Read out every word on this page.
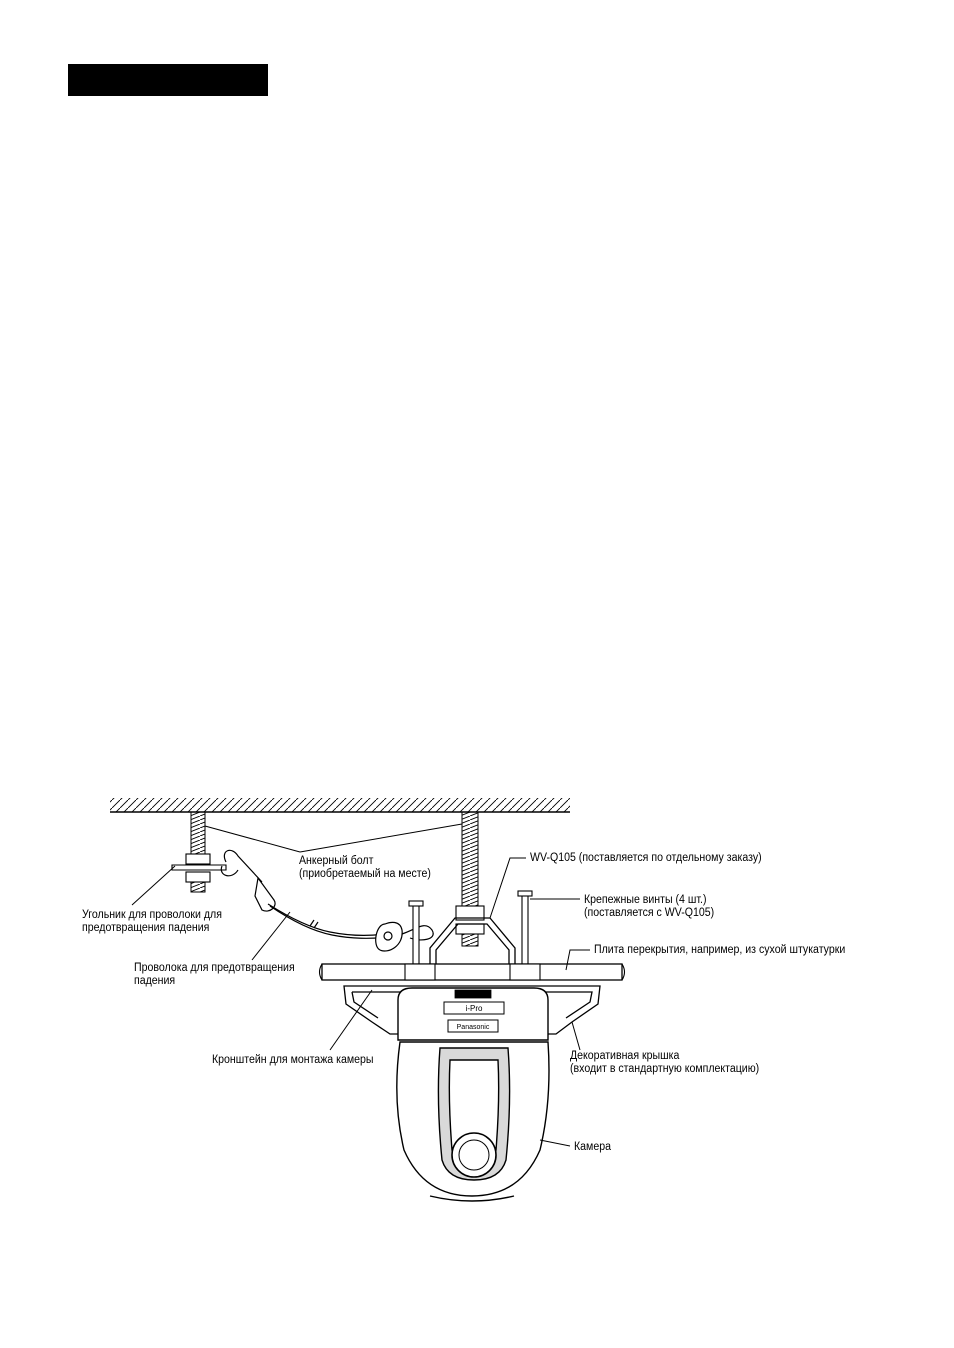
i-Pro
Panasonic
Анкерный болт
(приобретаемый на месте)
WV-Q105 (поставляется по отдельному заказу)
Крепежные винты (4 шт.)
(поставляется с WV-Q105)
Плита перекрытия, например, из сухой штукатурки
Угольник для проволоки для
предотвращения падения
Проволока для предотвращения
падения
Кронштейн для монтажа камеры	Декоративная крышка
(входит в стандартную комплектацию)
Камера
